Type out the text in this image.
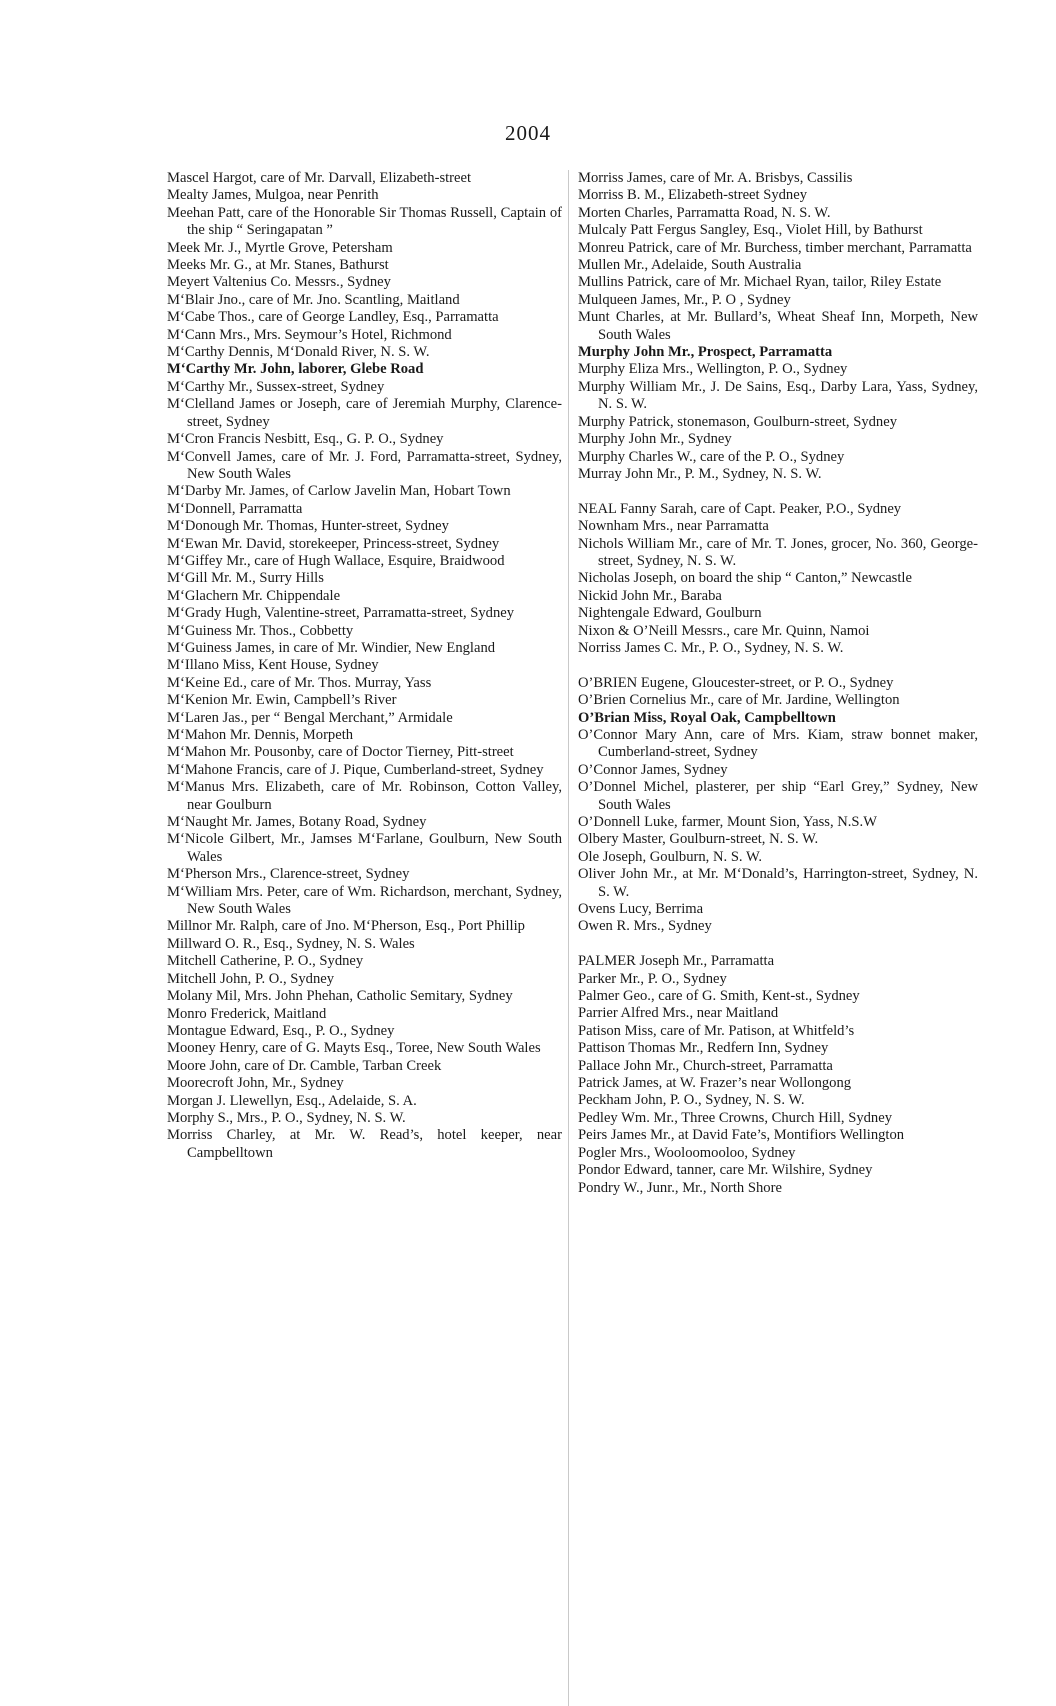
2004
Mascel Hargot, care of Mr. Darvall, Elizabeth-street
Mealty James, Mulgoa, near Penrith
Meehan Patt, care of the Honorable Sir Thomas Russell, Captain of the ship “ Seringapatan ”
Meek Mr. J., Myrtle Grove, Petersham
Meeks Mr. G., at Mr. Stanes, Bathurst
Meyert Valtenius Co. Messrs., Sydney
M‘Blair Jno., care of Mr. Jno. Scantling, Maitland
M‘Cabe Thos., care of George Landley, Esq., Parramatta
M‘Cann Mrs., Mrs. Seymour’s Hotel, Richmond
M‘Carthy Dennis, M‘Donald River, N. S. W.
M‘Carthy Mr. John, laborer, Glebe Road
M‘Carthy Mr., Sussex-street, Sydney
M‘Clelland James or Joseph, care of Jeremiah Murphy, Clarence-street, Sydney
M‘Cron Francis Nesbitt, Esq., G. P. O., Sydney
M‘Convell James, care of Mr. J. Ford, Parramatta-street, Sydney, New South Wales
M‘Darby Mr. James, of Carlow Javelin Man, Hobart Town
M‘Donnell, Parramatta
M‘Donough Mr. Thomas, Hunter-street, Sydney
M‘Ewan Mr. David, storekeeper, Princess-street, Sydney
M‘Giffey Mr., care of Hugh Wallace, Esquire, Braidwood
M‘Gill Mr. M., Surry Hills
M‘Glachern Mr. Chippendale
M‘Grady Hugh, Valentine-street, Parramatta-street, Sydney
M‘Guiness Mr. Thos., Cobbetty
M‘Guiness James, in care of Mr. Windier, New England
M‘Illano Miss, Kent House, Sydney
M‘Keine Ed., care of Mr. Thos. Murray, Yass
M‘Kenion Mr. Ewin, Campbell’s River
M‘Laren Jas., per “ Bengal Merchant,” Armidale
M‘Mahon Mr. Dennis, Morpeth
M‘Mahon Mr. Pousonby, care of Doctor Tierney, Pitt-street
M‘Mahone Francis, care of J. Pique, Cumberland-street, Sydney
M‘Manus Mrs. Elizabeth, care of Mr. Robinson, Cotton Valley, near Goulburn
M‘Naught Mr. James, Botany Road, Sydney
M‘Nicole Gilbert, Mr., Jamses M‘Farlane, Goulburn, New South Wales
M‘Pherson Mrs., Clarence-street, Sydney
M‘William Mrs. Peter, care of Wm. Richardson, merchant, Sydney, New South Wales
Millnor Mr. Ralph, care of Jno. M‘Pherson, Esq., Port Phillip
Millward O. R., Esq., Sydney, N. S. Wales
Mitchell Catherine, P. O., Sydney
Mitchell John, P. O., Sydney
Molany Mil, Mrs. John Phehan, Catholic Semitary, Sydney
Monro Frederick, Maitland
Montague Edward, Esq., P. O., Sydney
Mooney Henry, care of G. Mayts Esq., Toree, New South Wales
Moore John, care of Dr. Camble, Tarban Creek
Moorecroft John, Mr., Sydney
Morgan J. Llewellyn, Esq., Adelaide, S. A.
Morphy S., Mrs., P. O., Sydney, N. S. W.
Morriss Charley, at Mr. W. Read’s, hotel keeper, near Campbelltown
Morriss James, care of Mr. A. Brisbys, Cassilis
Morriss B. M., Elizabeth-street Sydney
Morten Charles, Parramatta Road, N. S. W.
Mulcaly Patt Fergus Sangley, Esq., Violet Hill, by Bathurst
Monreu Patrick, care of Mr. Burchess, timber merchant, Parramatta
Mullen Mr., Adelaide, South Australia
Mullins Patrick, care of Mr. Michael Ryan, tailor, Riley Estate
Mulqueen James, Mr., P. O , Sydney
Munt Charles, at Mr. Bullard’s, Wheat Sheaf Inn, Morpeth, New South Wales
Murphy John Mr., Prospect, Parramatta
Murphy Eliza Mrs., Wellington, P. O., Sydney
Murphy William Mr., J. De Sains, Esq., Darby Lara, Yass, Sydney, N. S. W.
Murphy Patrick, stonemason, Goulburn-street, Sydney
Murphy John Mr., Sydney
Murphy Charles W., care of the P. O., Sydney
Murray John Mr., P. M., Sydney, N. S. W.
NEAL Fanny Sarah, care of Capt. Peaker, P.O., Sydney
Nownham Mrs., near Parramatta
Nichols William Mr., care of Mr. T. Jones, grocer, No. 360, George-street, Sydney, N. S. W.
Nicholas Joseph, on board the ship “ Canton,” Newcastle
Nickid John Mr., Baraba
Nightengale Edward, Goulburn
Nixon & O’Neill Messrs., care Mr. Quinn, Namoi
Norriss James C. Mr., P. O., Sydney, N. S. W.
O’BRIEN Eugene, Gloucester-street, or P. O., Sydney
O’Brien Cornelius Mr., care of Mr. Jardine, Wellington
O’Brian Miss, Royal Oak, Campbelltown
O’Connor Mary Ann, care of Mrs. Kiam, straw bonnet maker, Cumberland-street, Sydney
O’Connor James, Sydney
O’Donnel Michel, plasterer, per ship “Earl Grey,” Sydney, New South Wales
O’Donnell Luke, farmer, Mount Sion, Yass, N.S.W
Olbery Master, Goulburn-street, N. S. W.
Ole Joseph, Goulburn, N. S. W.
Oliver John Mr., at Mr. M‘Donald’s, Harrington-street, Sydney, N. S. W.
Ovens Lucy, Berrima
Owen R. Mrs., Sydney
PALMER Joseph Mr., Parramatta
Parker Mr., P. O., Sydney
Palmer Geo., care of G. Smith, Kent-st., Sydney
Parrier Alfred Mrs., near Maitland
Patison Miss, care of Mr. Patison, at Whitfeld’s
Pattison Thomas Mr., Redfern Inn, Sydney
Pallace John Mr., Church-street, Parramatta
Patrick James, at W. Frazer’s near Wollongong
Peckham John, P. O., Sydney, N. S. W.
Pedley Wm. Mr., Three Crowns, Church Hill, Sydney
Peirs James Mr., at David Fate’s, Montifiors Wellington
Pogler Mrs., Wooloomooloo, Sydney
Pondor Edward, tanner, care Mr. Wilshire, Sydney
Pondry W., Junr., Mr., North Shore
